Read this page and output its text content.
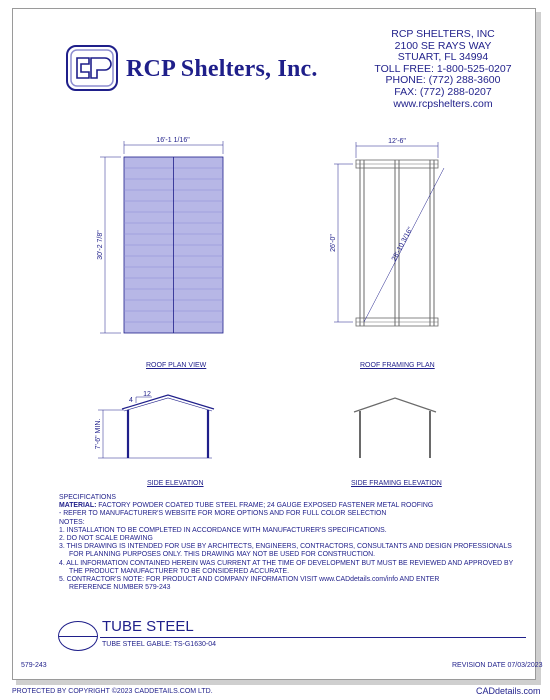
RCP Shelters, Inc.
RCP SHELTERS, INC
2100 SE RAYS WAY
STUART, FL 34994
TOLL FREE: 1-800-525-0207
PHONE: (772) 288-3600
FAX: (772) 288-0207
www.rcpshelters.com
16'-1 1/16"
30'-2 7/8"
12'-6"
26'-0"	28'-10 3/16"
7'-6" MIN.
12
4
ROOF PLAN VIEW	ROOF FRAMING PLAN
SIDE ELEVATION	SIDE FRAMING ELEVATION
SPECIFICATIONS
MATERIAL: FACTORY POWDER COATED TUBE STEEL FRAME; 24 GAUGE EXPOSED FASTENER METAL ROOFING
- REFER TO MANUFACTURER'S WEBSITE FOR MORE OPTIONS AND FOR FULL COLOR SELECTION
NOTES:
1. INSTALLATION TO BE COMPLETED IN ACCORDANCE WITH MANUFACTURER'S SPECIFICATIONS.
2. DO NOT SCALE DRAWING
3. THIS DRAWING IS INTENDED FOR USE BY ARCHITECTS, ENGINEERS, CONTRACTORS, CONSULTANTS AND DESIGN PROFESSIONALS
FOR PLANNING PURPOSES ONLY. THIS DRAWING MAY NOT BE USED FOR CONSTRUCTION.
4. ALL INFORMATION CONTAINED HEREIN WAS CURRENT AT THE TIME OF DEVELOPMENT BUT MUST BE REVIEWED AND APPROVED BY
THE PRODUCT MANUFACTURER TO BE CONSIDERED ACCURATE.
5. CONTRACTOR'S NOTE: FOR PRODUCT AND COMPANY INFORMATION VISIT www.CADdetails.com/info AND ENTER
REFERENCE NUMBER 579-243
TUBE STEEL
TUBE STEEL GABLE: TS-G1630-04
579-243	REVISION DATE 07/03/2023
PROTECTED BY COPYRIGHT ©2023 CADDETAILS.COM LTD.	CADdetails.com
